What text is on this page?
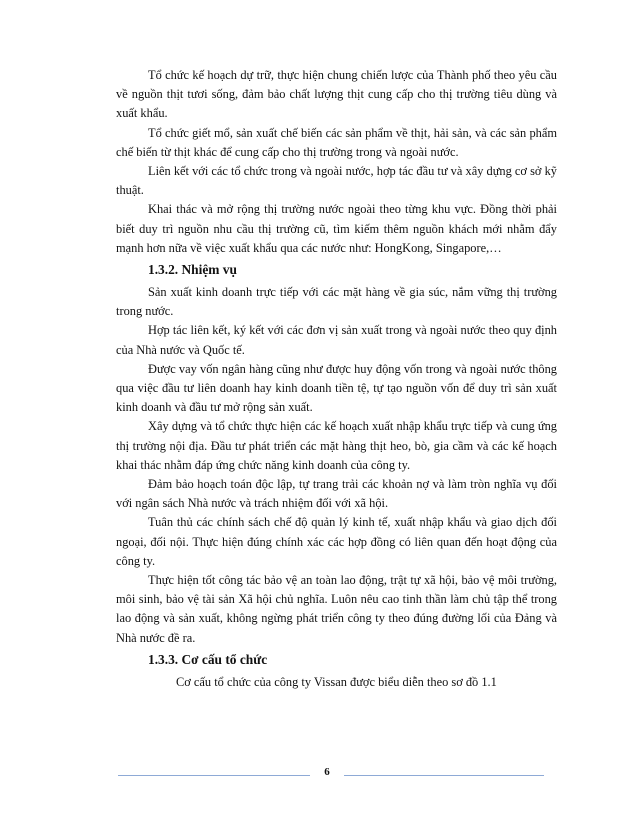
Tổ chức kế hoạch dự trữ, thực hiện chung chiến lược của Thành phố theo yêu cầu về nguồn thịt tươi sống, đảm bảo chất lượng thịt cung cấp cho thị trường tiêu dùng và xuất khẩu.

Tổ chức giết mổ, sản xuất chế biến các sản phẩm về thịt, hải sản, và các sản phẩm chế biến từ thịt khác để cung cấp cho thị trường trong và ngoài nước.

Liên kết với các tổ chức trong và ngoài nước, hợp tác đầu tư và xây dựng cơ sở kỹ thuật.

Khai thác và mở rộng thị trường nước ngoài theo từng khu vực. Đồng thời phải biết duy trì nguồn nhu cầu thị trường cũ, tìm kiếm thêm nguồn khách mới nhằm đẩy mạnh hơn nữa về việc xuất khẩu qua các nước như: HongKong, Singapore,…

1.3.2. Nhiệm vụ

Sản xuất kinh doanh trực tiếp với các mặt hàng về gia súc, nắm vững thị trường trong nước.

Hợp tác liên kết, ký kết với các đơn vị sản xuất trong và ngoài nước theo quy định của Nhà nước và Quốc tế.

Được vay vốn ngân hàng cũng như được huy động vốn trong và ngoài nước thông qua việc đầu tư liên doanh hay kinh doanh tiền tệ, tự tạo nguồn vốn để duy trì sản xuất kinh doanh và đầu tư mở rộng sản xuất.

Xây dựng và tổ chức thực hiện các kế hoạch xuất nhập khẩu trực tiếp và cung ứng thị trường nội địa. Đầu tư phát triển các mặt hàng thịt heo, bò, gia cầm và các kế hoạch khai thác nhằm đáp ứng chức năng kinh doanh của công ty.

Đảm bảo hoạch toán độc lập, tự trang trải các khoản nợ và làm tròn nghĩa vụ đối với ngân sách Nhà nước và trách nhiệm đối với xã hội.

Tuân thủ các chính sách chế độ quản lý kinh tế, xuất nhập khẩu và giao dịch đối ngoại, đối nội. Thực hiện đúng chính xác các hợp đồng có liên quan đến hoạt động của công ty.

Thực hiện tốt công tác bảo vệ an toàn lao động, trật tự xã hội, bảo vệ môi trường, môi sinh, bảo vệ tài sản Xã hội chủ nghĩa. Luôn nêu cao tinh thần làm chủ tập thể trong lao động và sản xuất, không ngừng phát triển công ty theo đúng đường lối của Đảng và Nhà nước đề ra.

1.3.3. Cơ cấu tổ chức

Cơ cấu tổ chức của công ty Vissan được biểu diễn theo sơ đồ 1.1

6
